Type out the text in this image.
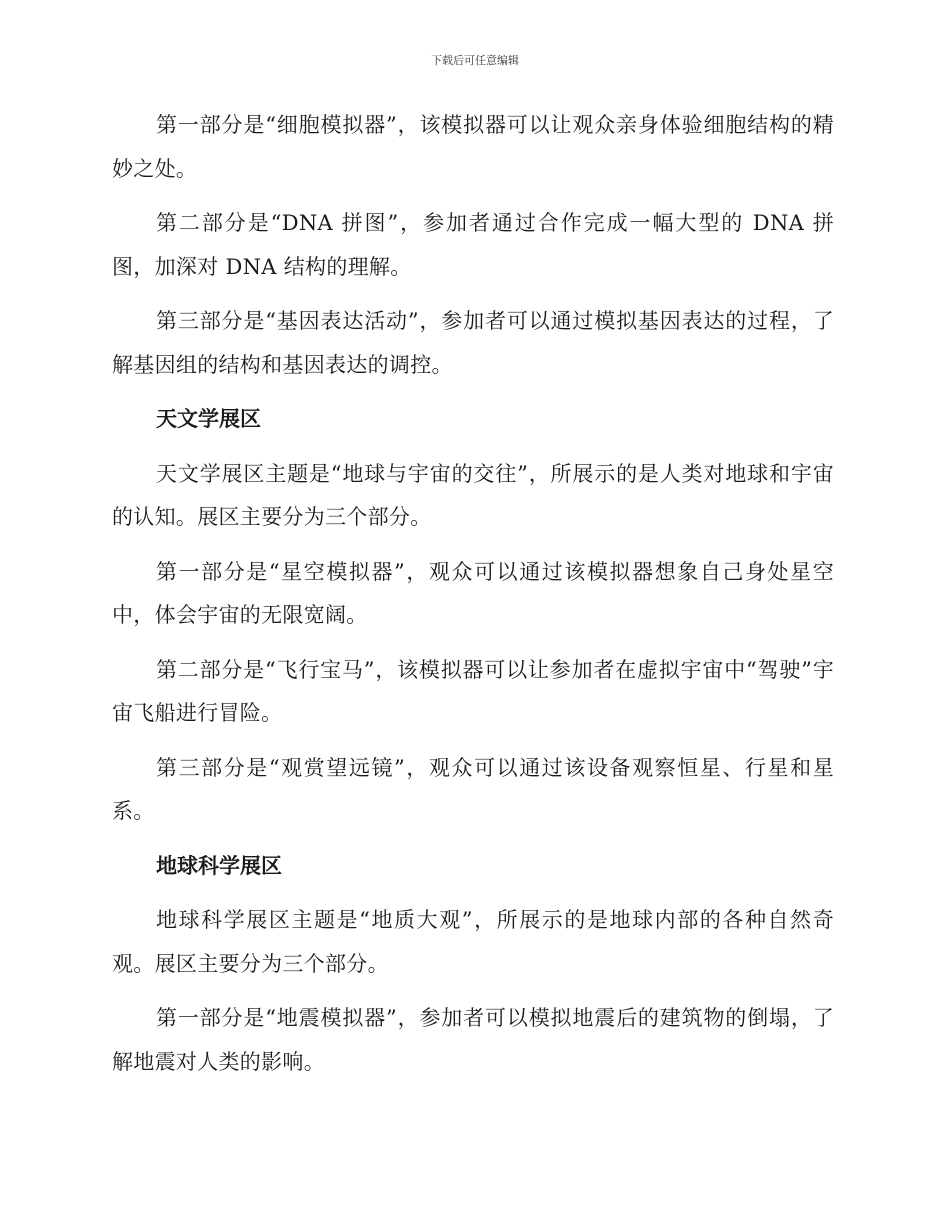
下载后可任意编辑

第一部分是“细胞模拟器”，该模拟器可以让观众亲身体验细胞结构的精妙之处。

第二部分是“DNA 拼图”，参加者通过合作完成一幅大型的 DNA 拼图，加深对 DNA 结构的理解。

第三部分是“基因表达活动”，参加者可以通过模拟基因表达的过程，了解基因组的结构和基因表达的调控。

天文学展区

天文学展区主题是“地球与宇宙的交往”，所展示的是人类对地球和宇宙的认知。展区主要分为三个部分。

第一部分是“星空模拟器”，观众可以通过该模拟器想象自己身处星空中，体会宇宙的无限宽阔。

第二部分是“飞行宝马”，该模拟器可以让参加者在虚拟宇宙中“驾驶”宇宙飞船进行冒险。

第三部分是“观赏望远镜”，观众可以通过该设备观察恒星、行星和星系。

地球科学展区

地球科学展区主题是“地质大观”，所展示的是地球内部的各种自然奇观。展区主要分为三个部分。

第一部分是“地震模拟器”，参加者可以模拟地震后的建筑物的倒塌，了解地震对人类的影响。
